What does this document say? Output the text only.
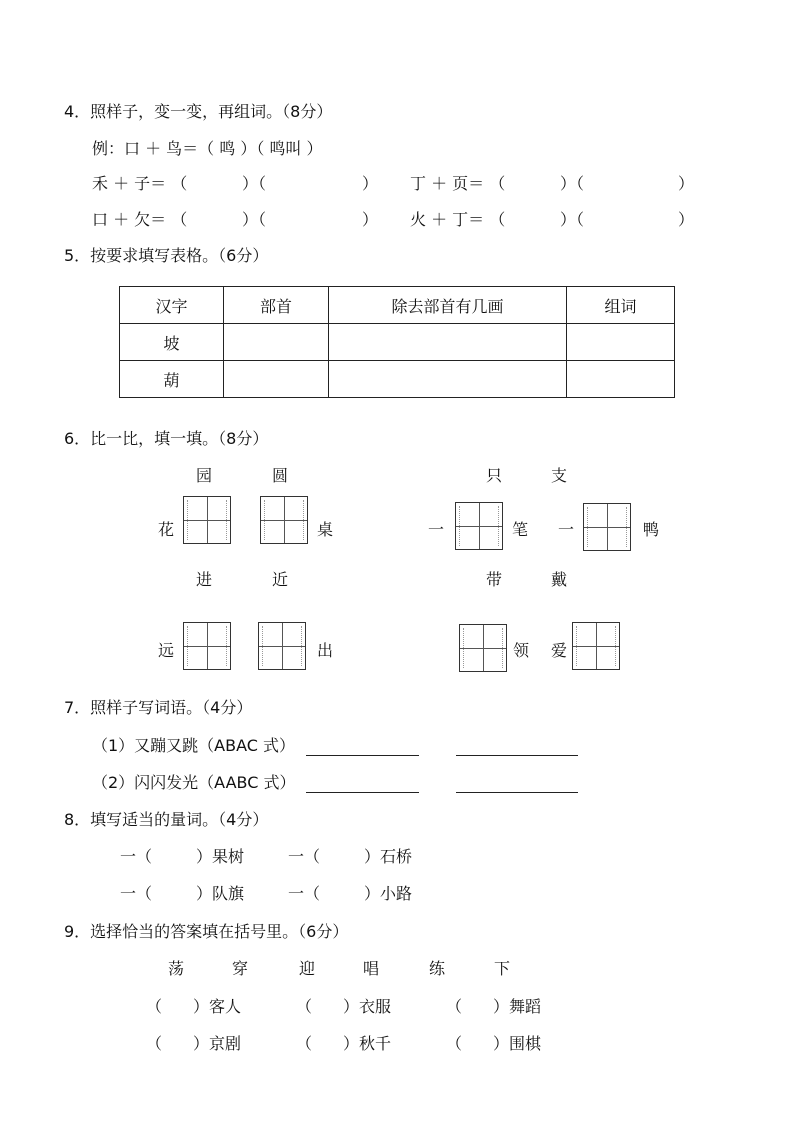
4．照样子，变一变，再组词。（8分）
例：口 ＋ 鸟＝（ 鸣 ）（ 鸣叫 ）
禾 ＋ 子＝ （	）（	） 丁 ＋ 页＝ （	）（	）
口 ＋ 欠＝ （	）（	） 火 ＋ 丁＝ （	）（	）
5．按要求填写表格。（6分）
汉字	部首	除去部首有几画	组词
坡			
葫			
6．比一比，填一填。（8分）
园	圆
花	桌
只	支
一	笔 一	鸭
进	近
远	出
带	戴
领 爱
7．照样子写词语。（4分）
（1）又蹦又跳（ABAC 式）
（2）闪闪发光（AABC 式）
8．填写适当的量词。（4分）
一（	）果树	一（	）石桥
一（	）队旗	一（	）小路
9．选择恰当的答案填在括号里。（6分）
荡	穿	迎	唱	练	下
（ ）客人	（ ）衣服	（ ）舞蹈
（ ）京剧	（ ）秋千	（ ）围棋
